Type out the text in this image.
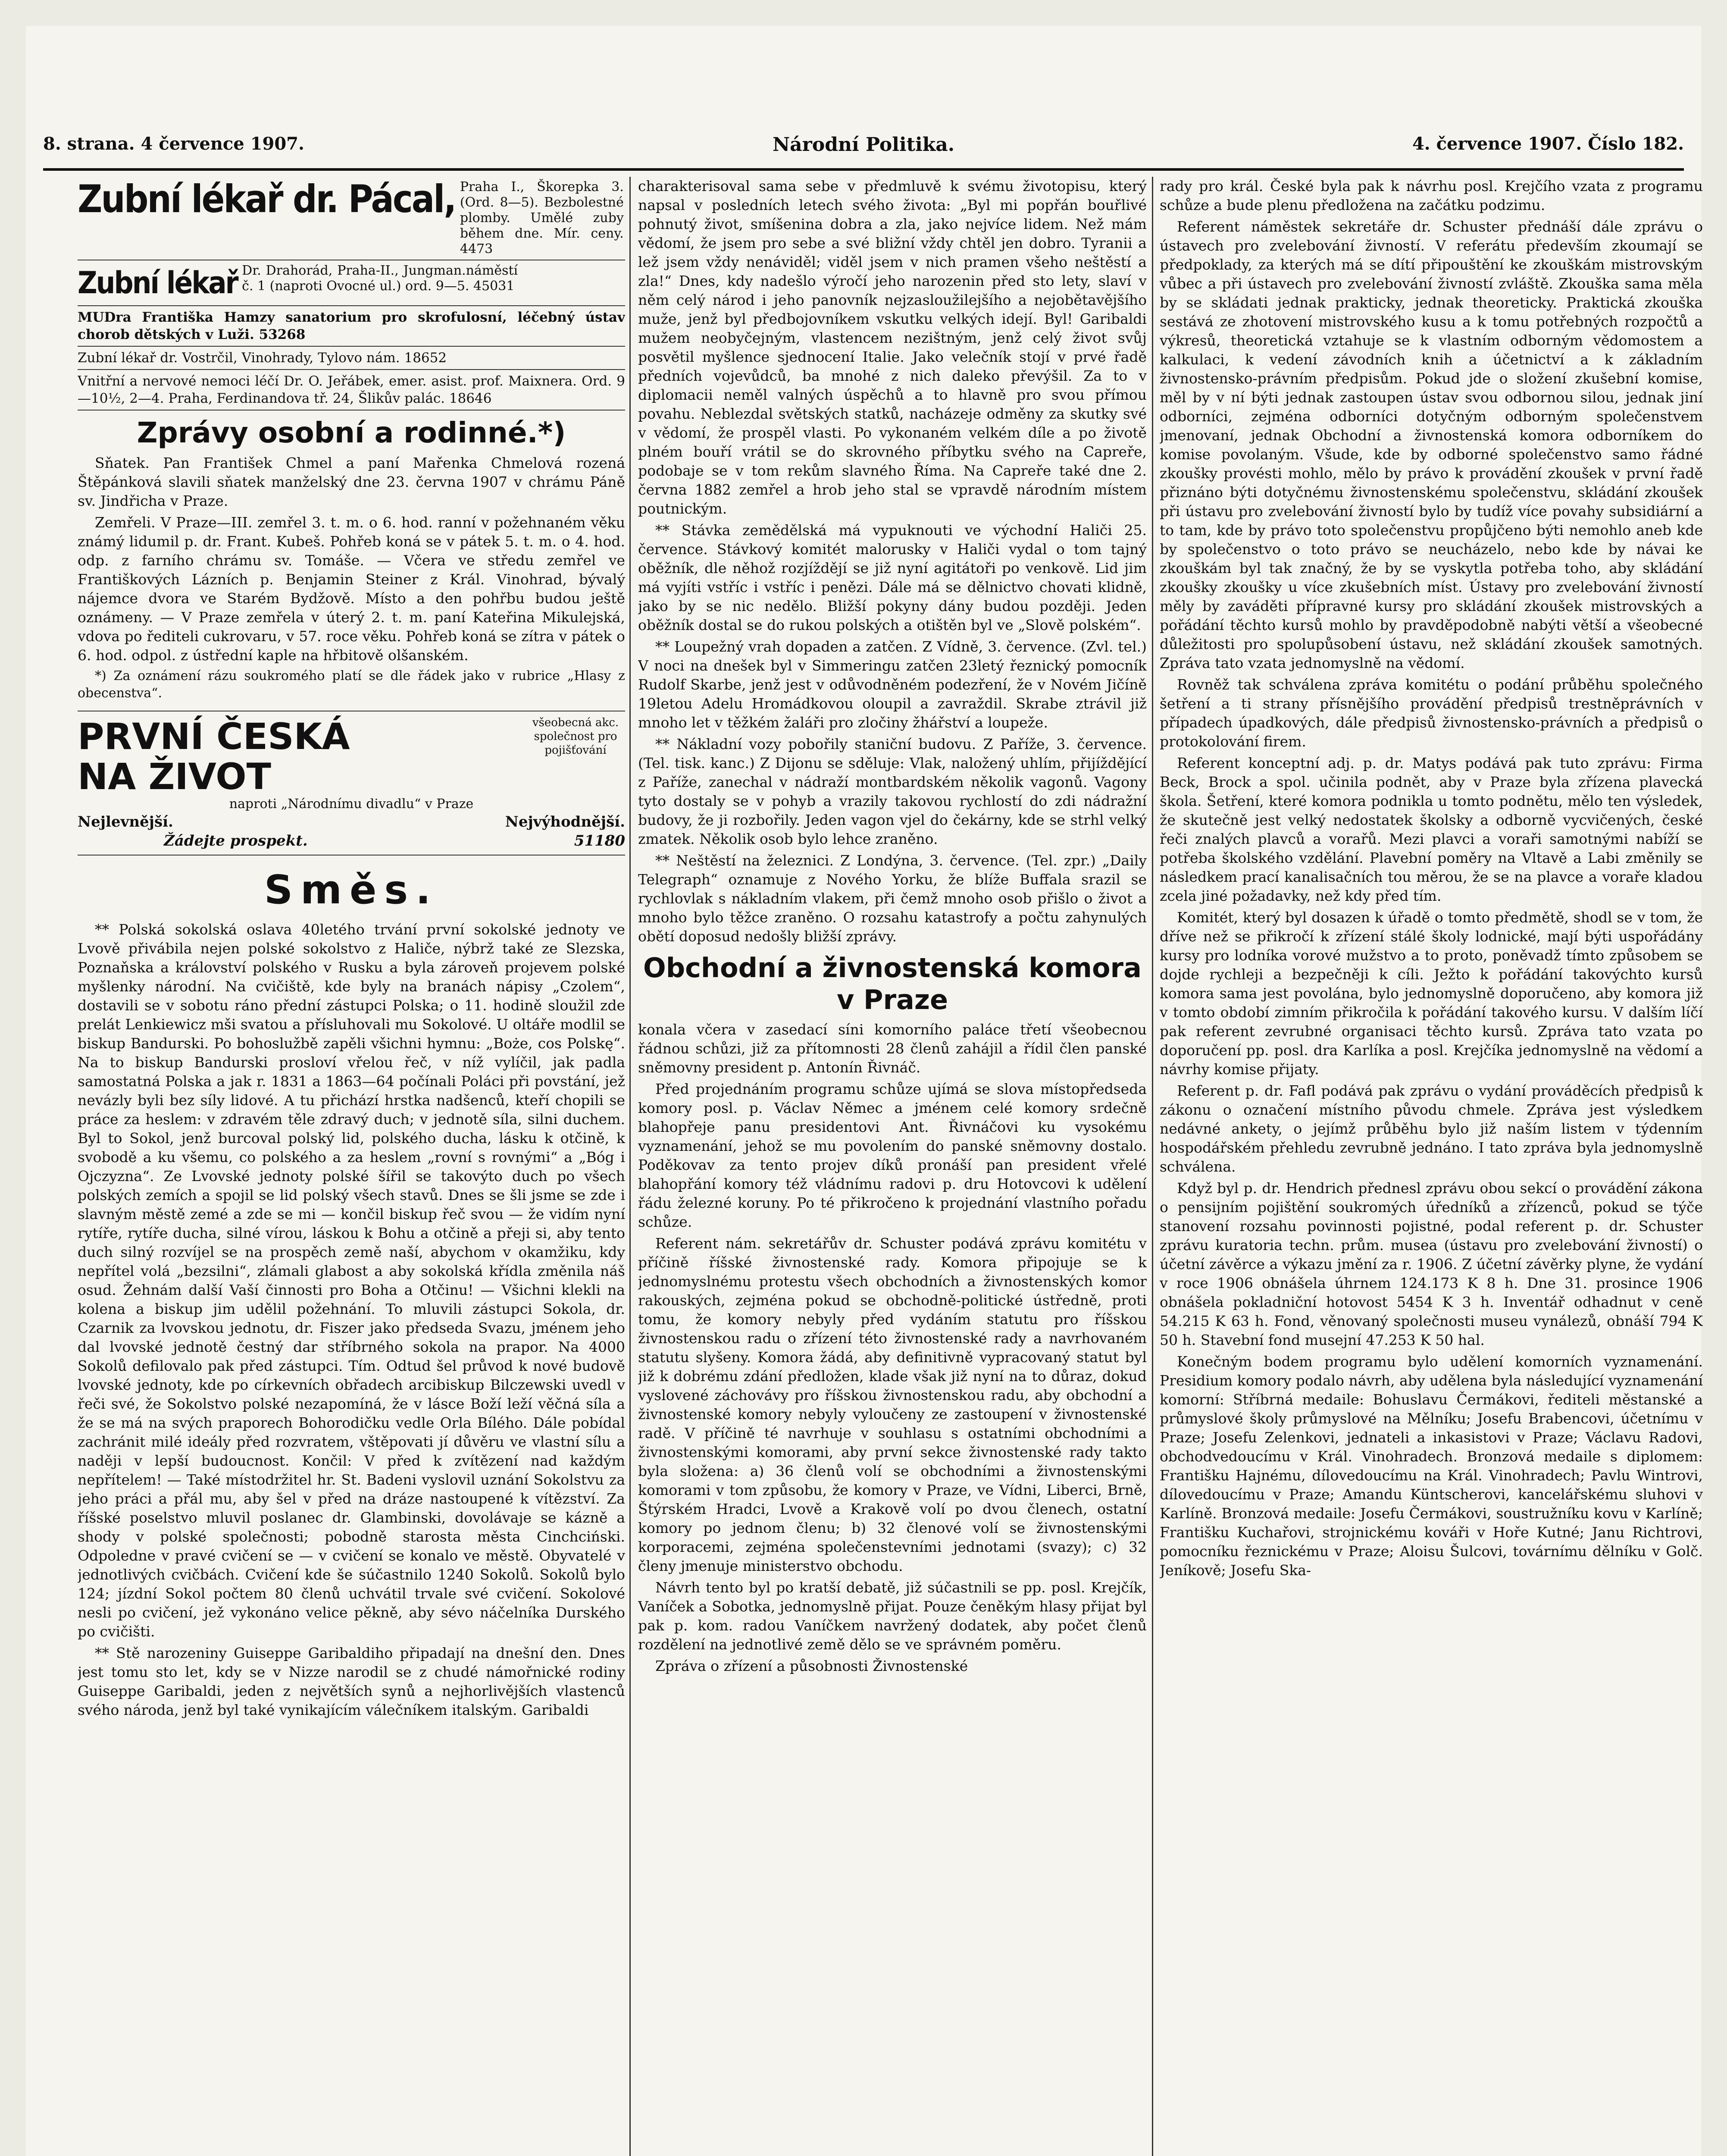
8. strana. 4 července 1907.	Národní Politika.	4. července 1907. Číslo 182.
Zubní lékař dr. Pácal, Praha I., Škorepka 3. (Ord. 8—5). Bezbolestné plomby. Umělé zuby během dne. Mír. ceny. 4473
Zubní lékař Dr. Drahorád, Praha-II., Jungman.náměstí č. 1 (naproti Ovocné ul.) ord. 9—5. 45031
MUDra Františka Hamzy sanatorium pro skrofulosní, léčebný ústav chorob dětských v Luži. 53268
Zubní lékař dr. Vostrčil, Vinohrady, Tylovo nám. 18652
Vnitřní a nervové nemoci léčí Dr. O. Jeřábek, emer. asist. prof. Maixnera. Ord. 9—10½, 2—4. Praha, Ferdinandova tř. 24, Šlikův palác. 18646
Zprávy osobní a rodinné.*)

Sňatek. Pan František Chmel a paní Mařenka Chmelová rozená Štěpánková slavili sňatek manželský dne 23. června 1907 v chrámu Páně sv. Jindřicha v Praze.

Zemřeli. V Praze—III. zemřel 3. t. m. o 6. hod. ranní v požehnaném věku známý lidumil p. dr. Frant. Kubeš. Pohřeb koná se v pátek 5. t. m. o 4. hod. odp. z farního chrámu sv. Tomáše. — Včera ve středu zemřel ve Františkových Lázních p. Benjamin Steiner z Král. Vinohrad, bývalý nájemce dvora ve Starém Bydžově. Místo a den pohřbu budou ještě oznámeny. — V Praze zemřela v úterý 2. t. m. paní Kateřina Mikulejská, vdova po řediteli cukrovaru, v 57. roce věku. Pohřeb koná se zítra v pátek o 6. hod. odpol. z ústřední kaple na hřbitově olšanském.

*) Za oznámení rázu soukromého platí se dle řádek jako v rubrice „Hlasy z obecenstva“.

PRVNÍ ČESKÁ	všeobecná akc. společnost pro pojišťování NA ŽIVOT
naproti „Národnímu divadlu“ v Praze
Nejlevnější.	Nejvýhodnější.
Žádejte prospekt.	51180
Směs.

** Polská sokolská oslava 40letého trvání první sokolské jednoty ve Lvově přivábila nejen polské sokolstvo z Haliče, nýbrž také ze Slezska, Poznaňska a království polského v Rusku a byla zároveň projevem polské myšlenky národní. Na cvičiště, kde byly na branách nápisy „Czolem“, dostavili se v sobotu ráno přední zástupci Polska; o 11. hodině sloužil zde prelát Lenkiewicz mši svatou a přísluhovali mu Sokolové. U oltáře modlil se biskup Bandurski. Po bohoslužbě zapěli všichni hymnu: „Boże, cos Polskę“. Na to biskup Bandurski prosloví vřelou řeč, v níž vylíčil, jak padla samostatná Polska a jak r. 1831 a 1863—64 počínali Poláci při povstání, jež nevázly byli bez síly lidové. A tu přichází hrstka nadšenců, kteří chopili se práce za heslem: v zdravém těle zdravý duch; v jednotě síla, silni duchem. Byl to Sokol, jenž burcoval polský lid, polského ducha, lásku k otčině, k svobodě a ku všemu, co polského a za heslem „rovní s rovnými“ a „Bóg i Ojczyzna“. Ze Lvovské jednoty polské šířil se takovýto duch po všech polských zemích a spojil se lid polský všech stavů. Dnes se šli jsme se zde i slavným městě zemé a zde se mi — končil biskup řeč svou — že vidím nyní rytíře, rytíře ducha, silné vírou, láskou k Bohu a otčině a přeji si, aby tento duch silný rozvíjel se na prospěch země naší, abychom v okamžiku, kdy nepřítel volá „bezsilni“, zlámali glabost a aby sokolská křídla změnila náš osud. Žehnám další Vaší činnosti pro Boha a Otčinu! — Všichni klekli na kolena a biskup jim udělil požehnání. To mluvili zástupci Sokola, dr. Czarnik za lvovskou jednotu, dr. Fiszer jako předseda Svazu, jménem jeho dal lvovské jednotě čestný dar stříbrného sokola na prapor. Na 4000 Sokolů defilovalo pak před zástupci. Tím. Odtud šel průvod k nové budově lvovské jednoty, kde po církevních obřadech arcibiskup Bilczewski uvedl v řeči své, že Sokolstvo polské nezapomíná, že v lásce Boží leží věčná síla a že se má na svých praporech Bohorodičku vedle Orla Bílého. Dále pobídal zachránit milé ideály před rozvratem, vštěpovati jí důvěru ve vlastní sílu a naději v lepší budoucnost. Končil: V před k zvítězení nad každým nepřítelem! — Také místodržitel hr. St. Badeni vyslovil uznání Sokolstvu za jeho práci a přál mu, aby šel v před na dráze nastoupené k vítězství. Za říšské poselstvo mluvil poslanec dr. Glambinski, dovolávaje se kázně a shody v polské společnosti; pobodně starosta města Cinchciński. Odpoledne v pravé cvičení se — v cvičení se konalo ve městě. Obyvatelé v jednotlivých cvičbách. Cvičení kde še súčastnilo 1240 Sokolů. Sokolů bylo 124; jízdní Sokol počtem 80 členů uchvátil trvale své cvičení. Sokolové nesli po cvičení, jež vykonáno velice pěkně, aby sévo náčelníka Durského po cvičišti.

** Stě narozeniny Guiseppe Garibaldiho připadají na dnešní den. Dnes jest tomu sto let, kdy se v Nizze narodil se z chudé námořnické rodiny Guiseppe Garibaldi, jeden z největších synů a nejhorlivějších vlastenců svého národa, jenž byl také vynikajícím válečníkem italským. Garibaldi

charakterisoval sama sebe v předmluvě k svému životopisu, který napsal v posledních letech svého života: „Byl mi popřán bouřlivé pohnutý život, smíšenina dobra a zla, jako nejvíce lidem. Než mám vědomí, že jsem pro sebe a své bližní vždy chtěl jen dobro. Tyranii a lež jsem vždy nenáviděl; viděl jsem v nich pramen všeho neštěstí a zla!“ Dnes, kdy nadešlo výročí jeho narozenin před sto lety, slaví v něm celý národ i jeho panovník nejzasloužilejšího a nejobětavějšího muže, jenž byl předbojovníkem vskutku velkých idejí. Byl! Garibaldi mužem neobyčejným, vlastencem nezištným, jenž celý život svůj posvětil myšlence sjednocení Italie. Jako velečník stojí v prvé řadě předních vojevůdců, ba mnohé z nich daleko převýšil. Za to v diplomacii neměl valných úspěchů a to hlavně pro svou přímou povahu. Neblezdal světských statků, nacházeje odměny za skutky své v vědomí, že prospěl vlasti. Po vykonaném velkém díle a po životě plném bouří vrátil se do skrovného příbytku svého na Capreře, podobaje se v tom rekům slavného Říma. Na Capreře také dne 2. června 1882 zemřel a hrob jeho stal se vpravdě národním místem poutnickým.

** Stávka zemědělská má vypuknouti ve východní Haliči 25. července. Stávkový komitét malorusky v Haliči vydal o tom tajný oběžník, dle něhož rozjíždějí se již nyní agitátoři po venkově. Lid jim má vyjíti vstříc i vstříc i penězi. Dále má se dělnictvo chovati klidně, jako by se nic nedělo. Bližší pokyny dány budou později. Jeden oběžník dostal se do rukou polských a otištěn byl ve „Slově polském“.

** Loupežný vrah dopaden a zatčen. Z Vídně, 3. července. (Zvl. tel.) V noci na dnešek byl v Simmeringu zatčen 23letý řeznický pomocník Rudolf Skarbe, jenž jest v odůvodněném podezření, že v Novém Jičíně 19letou Adelu Hromádkovou oloupil a zavraždil. Skrabe ztrávil již mnoho let v těžkém žaláři pro zločiny žhářství a loupeže.

** Nákladní vozy pobořily staniční budovu. Z Paříže, 3. července. (Tel. tisk. kanc.) Z Dijonu se sděluje: Vlak, naložený uhlím, přijíždějící z Paříže, zanechal v nádraží montbardském několik vagonů. Vagony tyto dostaly se v pohyb a vrazily takovou rychlostí do zdi nádražní budovy, že ji rozbořily. Jeden vagon vjel do čekárny, kde se strhl velký zmatek. Několik osob bylo lehce zraněno.

** Neštěstí na železnici. Z Londýna, 3. července. (Tel. zpr.) „Daily Telegraph“ oznamuje z Nového Yorku, že blíže Buffala srazil se rychlovlak s nákladním vlakem, při čemž mnoho osob přišlo o život a mnoho bylo těžce zraněno. O rozsahu katastrofy a počtu zahynulých obětí doposud nedošly bližší zprávy.

Obchodní a živnostenská komora v Praze

konala včera v zasedací síni komorního paláce třetí všeobecnou řádnou schůzi, již za přítomnosti 28 členů zahájil a řídil člen panské sněmovny president p. Antonín Řivnáč.

Před projednáním programu schůze ujímá se slova místopředseda komory posl. p. Václav Němec a jménem celé komory srdečně blahopřeje panu presidentovi Ant. Řivnáčovi ku vysokému vyznamenání, jehož se mu povolením do panské sněmovny dostalo. Poděkovav za tento projev díků pronáší pan president vřelé blahopřání komory též vládnímu radovi p. dru Hotovcovi k udělení řádu železné koruny. Po té přikročeno k projednání vlastního pořadu schůze.

Referent nám. sekretářův dr. Schuster podává zprávu komitétu v příčině říšské živnostenské rady. Komora připojuje se k jednomyslnému protestu všech obchodních a živnostenských komor rakouských, zejména pokud se obchodně-politické ústředně, proti tomu, že komory nebyly před vydáním statutu pro říšskou živnostenskou radu o zřízení této živnostenské rady a navrhovaném statutu slyšeny. Komora žádá, aby definitivně vypracovaný statut byl již k dobrému zdání předložen, klade však již nyní na to důraz, dokud vyslovené záchovávy pro říšskou živnostenskou radu, aby obchodní a živnostenské komory nebyly vyloučeny ze zastoupení v živnostenské radě. V příčině té navrhuje v souhlasu s ostatními obchodními a živnostenskými komorami, aby první sekce živnostenské rady takto byla složena: a) 36 členů volí se obchodními a živnostenskými komorami v tom způsobu, že komory v Praze, ve Vídni, Liberci, Brně, Štýrském Hradci, Lvově a Krakově volí po dvou členech, ostatní komory po jednom členu; b) 32 členové volí se živnostenskými korporacemi, zejména společenstevními jednotami (svazy); c) 32 členy jmenuje ministerstvo obchodu.

Návrh tento byl po kratší debatě, již súčastnili se pp. posl. Krejčík, Vaníček a Sobotka, jednomyslně přijat. Pouze čeněkým hlasy přijat byl pak p. kom. radou Vaníčkem navržený dodatek, aby počet členů rozdělení na jednotlivé země dělo se ve správném poměru.

Zpráva o zřízení a působnosti Živnostenské

rady pro král. České byla pak k návrhu posl. Krejčího vzata z programu schůze a bude plenu předložena na začátku podzimu.

Referent náměstek sekretáře dr. Schuster přednáší dále zprávu o ústavech pro zvelebování živností. V referátu především zkoumají se předpoklady, za kterých má se dítí připouštění ke zkouškám mistrovským vůbec a při ústavech pro zvelebování živností zvláště. Zkouška sama měla by se skládati jednak prakticky, jednak theoreticky. Praktická zkouška sestává ze zhotovení mistrovského kusu a k tomu potřebných rozpočtů a výkresů, theoretická vztahuje se k vlastním odborným vědomostem a kalkulaci, k vedení závodních knih a účetnictví a k základním živnostensko-právním předpisům. Pokud jde o složení zkušební komise, měl by v ní býti jednak zastoupen ústav svou odbornou silou, jednak jiní odborníci, zejména odborníci dotyčným odborným společenstvem jmenovaní, jednak Obchodní a živnostenská komora odborníkem do komise povolaným. Všude, kde by odborné společenstvo samo řádné zkoušky provésti mohlo, mělo by právo k provádění zkoušek v první řadě přiznáno býti dotyčnému živnostenskému společenstvu, skládání zkoušek při ústavu pro zvelebování živností bylo by tudíž více povahy subsidiární a to tam, kde by právo toto společenstvu propůjčeno býti nemohlo aneb kde by společenstvo o toto právo se neucházelo, nebo kde by návai ke zkouškám byl tak značný, že by se vyskytla potřeba toho, aby skládání zkoušky zkoušky u více zkušebních míst. Ústavy pro zvelebování živností měly by zaváděti přípravné kursy pro skládání zkoušek mistrovských a pořádání těchto kursů mohlo by pravděpodobně nabýti větší a všeobecné důležitosti pro spolupůsobení ústavu, než skládání zkoušek samotných. Zpráva tato vzata jednomyslně na vědomí.

Rovněž tak schválena zpráva komitétu o podání průběhu společného šetření a ti strany přísnějšího provádění předpisů trestněprávních v případech úpadkových, dále předpisů živnostensko-právních a předpisů o protokolování firem.

Referent konceptní adj. p. dr. Matys podává pak tuto zprávu: Firma Beck, Brock a spol. učinila podnět, aby v Praze byla zřízena plavecká škola. Šetření, které komora podnikla u tomto podnětu, mělo ten výsledek, že skutečně jest velký nedostatek školsky a odborně vycvičených, české řeči znalých plavců a vorařů. Mezi plavci a voraři samotnými nabíží se potřeba školského vzdělání. Plavební poměry na Vltavě a Labi změnily se následkem prací kanalisačních tou měrou, že se na plavce a voraře kladou zcela jiné požadavky, než kdy před tím.

Komitét, který byl dosazen k úřadě o tomto předmětě, shodl se v tom, že dříve než se přikročí k zřízení stálé školy lodnické, mají býti uspořádány kursy pro lodníka vorové mužstvo a to proto, poněvadž tímto způsobem se dojde rychleji a bezpečněji k cíli. Ježto k pořádání takovýchto kursů komora sama jest povolána, bylo jednomyslně doporučeno, aby komora již v tomto období zimním přikročila k pořádání takového kursu. V dalším líčí pak referent zevrubné organisaci těchto kursů. Zpráva tato vzata po doporučení pp. posl. dra Karlíka a posl. Krejčíka jednomyslně na vědomí a návrhy komise přijaty.

Referent p. dr. Fafl podává pak zprávu o vydání prováděcích předpisů k zákonu o označení místního původu chmele. Zpráva jest výsledkem nedávné ankety, o jejímž průběhu bylo již naším listem v týdenním hospodářském přehledu zevrubně jednáno. I tato zpráva byla jednomyslně schválena.

Když byl p. dr. Hendrich přednesl zprávu obou sekcí o provádění zákona o pensijním pojištění soukromých úředníků a zřízenců, pokud se týče stanovení rozsahu povinnosti pojistné, podal referent p. dr. Schuster zprávu kuratoria techn. prům. musea (ústavu pro zvelebování živností) o účetní závěrce a výkazu jmění za r. 1906. Z účetní závěrky plyne, že vydání v roce 1906 obnášela úhrnem 124.173 K 8 h. Dne 31. prosince 1906 obnášela pokladniční hotovost 5454 K 3 h. Inventář odhadnut v ceně 54.215 K 63 h. Fond, věnovaný společnosti museu vynálezů, obnáší 794 K 50 h. Stavební fond musejní 47.253 K 50 hal.

Konečným bodem programu bylo udělení komorních vyznamenání. Presidium komory podalo návrh, aby udělena byla následující vyznamenání komorní: Stříbrná medaile: Bohuslavu Čermákovi, řediteli městanské a průmyslové školy průmyslové na Mělníku; Josefu Brabencovi, účetnímu v Praze; Josefu Zelenkovi, jednateli a inkasistovi v Praze; Václavu Radovi, obchodvedoucímu v Král. Vinohradech. Bronzová medaile s diplomem: Františku Hajnému, dílovedoucímu na Král. Vinohradech; Pavlu Wintrovi, dílovedoucímu v Praze; Amandu Küntscherovi, kancelářskému sluhovi v Karlíně. Bronzová medaile: Josefu Čermákovi, soustružníku kovu v Karlíně; Františku Kuchařovi, strojnickému kováři v Hoře Kutné; Janu Richtrovi, pomocníku řeznickému v Praze; Aloisu Šulcovi, továrnímu dělníku v Golč. Jeníkově; Josefu Ska-
